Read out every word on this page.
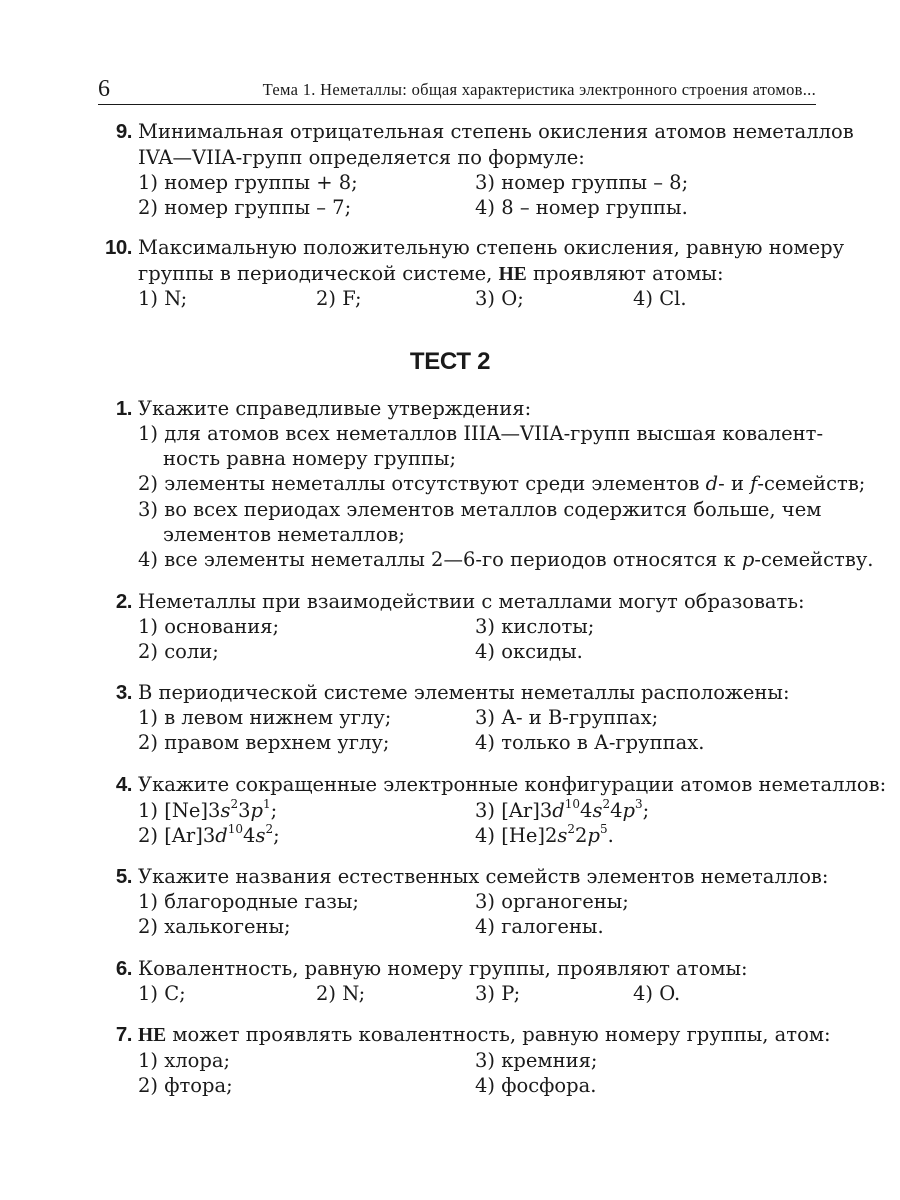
6	Тема 1. Неметаллы: общая характеристика электронного строения атомов...
9. Минимальная отрицательная степень окисления атомов неметаллов
IVA—VIIA-групп определяется по формуле:
1) номер группы + 8;	3) номер группы – 8;
2) номер группы – 7;	4) 8 – номер группы.
10. Максимальную положительную степень окисления, равную номеру
группы в периодической системе, НЕ проявляют атомы:
1) N;	2) F;	3) O;	4) Cl.
ТЕСТ 2
1. Укажите справедливые утверждения:
1) для атомов всех неметаллов IIIA—VIIA-групп высшая ковалент-
ность равна номеру группы;
2) элементы неметаллы отсутствуют среди элементов d- и f-семейств;
3) во всех периодах элементов металлов содержится больше, чем
элементов неметаллов;
4) все элементы неметаллы 2—6-го периодов относятся к p-семейству.
2. Неметаллы при взаимодействии с металлами могут образовать:
1) основания;	3) кислоты;
2) соли;	4) оксиды.
3. В периодической системе элементы неметаллы расположены:
1) в левом нижнем углу;	3) А- и В-группах;
2) правом верхнем углу;	4) только в А-группах.
4. Укажите сокращенные электронные конфигурации атомов неметаллов:
1) $[Ne]3s^23p^1$;	3) $[Ar]3d^{10}4s^24p^3$;
2) $[Ar]3d^{10}4s^2$;	4) $[He]2s^22p^5$.
5. Укажите названия естественных семейств элементов неметаллов:
1) благородные газы;	3) органогены;
2) халькогены;	4) галогены.
6. Ковалентность, равную номеру группы, проявляют атомы:
1) C;	2) N;	3) P;	4) O.
7. НЕ может проявлять ковалентность, равную номеру группы, атом:
1) хлора;	3) кремния;
2) фтора;	4) фосфора.
